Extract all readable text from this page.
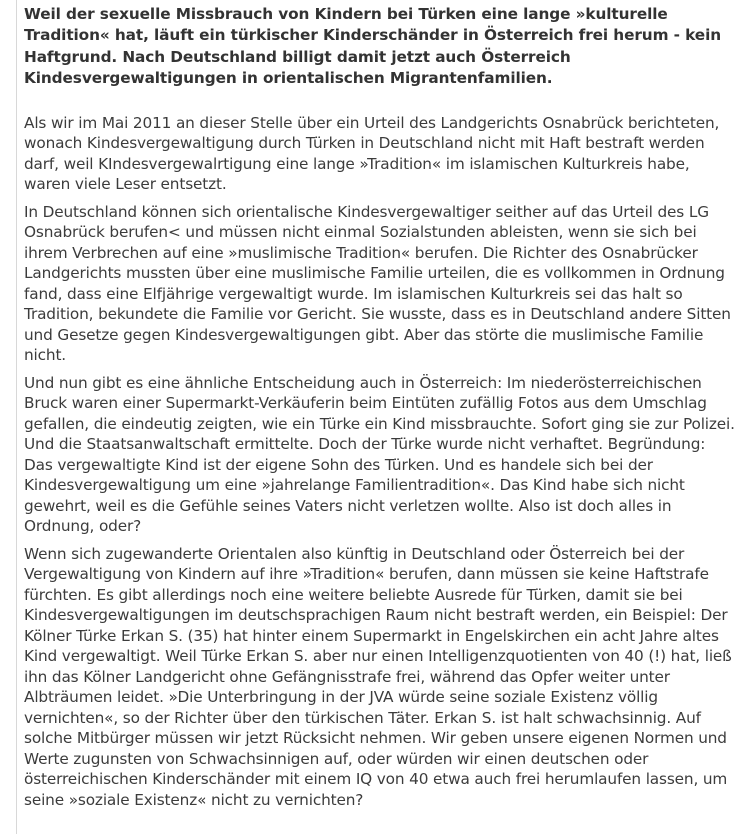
Weil der sexuelle Missbrauch von Kindern bei Türken eine lange »kulturelle Tradition« hat, läuft ein türkischer Kinderschänder in Österreich frei herum - kein Haftgrund. Nach Deutschland billigt damit jetzt auch Österreich Kindesvergewaltigungen in orientalischen Migrantenfamilien.

Als wir im Mai 2011 an dieser Stelle über ein Urteil des Landgerichts Osnabrück berichteten, wonach Kindesvergewaltigung durch Türken in Deutschland nicht mit Haft bestraft werden darf, weil KIndesvergewalrtigung eine lange »Tradition« im islamischen Kulturkreis habe, waren viele Leser entsetzt.

In Deutschland können sich orientalische Kindesvergewaltiger seither auf das Urteil des LG Osnabrück berufen< und müssen nicht einmal Sozialstunden ableisten, wenn sie sich bei ihrem Verbrechen auf eine »muslimische Tradition« berufen. Die Richter des Osnabrücker Landgerichts mussten über eine muslimische Familie urteilen, die es vollkommen in Ordnung fand, dass eine Elfjährige vergewaltigt wurde. Im islamischen Kulturkreis sei das halt so Tradition, bekundete die Familie vor Gericht. Sie wusste, dass es in Deutschland andere Sitten und Gesetze gegen Kindesvergewaltigungen gibt. Aber das störte die muslimische Familie nicht.

Und nun gibt es eine ähnliche Entscheidung auch in Österreich: Im niederösterreichischen Bruck waren einer Supermarkt-Verkäuferin beim Eintüten zufällig Fotos aus dem Umschlag gefallen, die eindeutig zeigten, wie ein Türke ein Kind missbrauchte. Sofort ging sie zur Polizei. Und die Staatsanwaltschaft ermittelte. Doch der Türke wurde nicht verhaftet. Begründung: Das vergewaltigte Kind ist der eigene Sohn des Türken. Und es handele sich bei der Kindesvergewaltigung um eine »jahrelange Familientradition«. Das Kind habe sich nicht gewehrt, weil es die Gefühle seines Vaters nicht verletzen wollte. Also ist doch alles in Ordnung, oder?

Wenn sich zugewanderte Orientalen also künftig in Deutschland oder Österreich bei der Vergewaltigung von Kindern auf ihre »Tradition« berufen, dann müssen sie keine Haftstrafe fürchten. Es gibt allerdings noch eine weitere beliebte Ausrede für Türken, damit sie bei Kindesvergewaltigungen im deutschsprachigen Raum nicht bestraft werden, ein Beispiel: Der Kölner Türke Erkan S. (35) hat hinter einem Supermarkt in Engelskirchen ein acht Jahre altes Kind vergewaltigt. Weil Türke Erkan S. aber nur einen Intelligenzquotienten von 40 (!) hat, ließ ihn das Kölner Landgericht ohne Gefängnisstrafe frei, während das Opfer weiter unter Albträumen leidet. »Die Unterbringung in der JVA würde seine soziale Existenz völlig vernichten«, so der Richter über den türkischen Täter. Erkan S. ist halt schwachsinnig. Auf solche Mitbürger müssen wir jetzt Rücksicht nehmen. Wir geben unsere eigenen Normen und Werte zugunsten von Schwachsinnigen auf, oder würden wir einen deutschen oder österreichischen Kinderschänder mit einem IQ von 40 etwa auch frei herumlaufen lassen, um seine »soziale Existenz« nicht zu vernichten?
